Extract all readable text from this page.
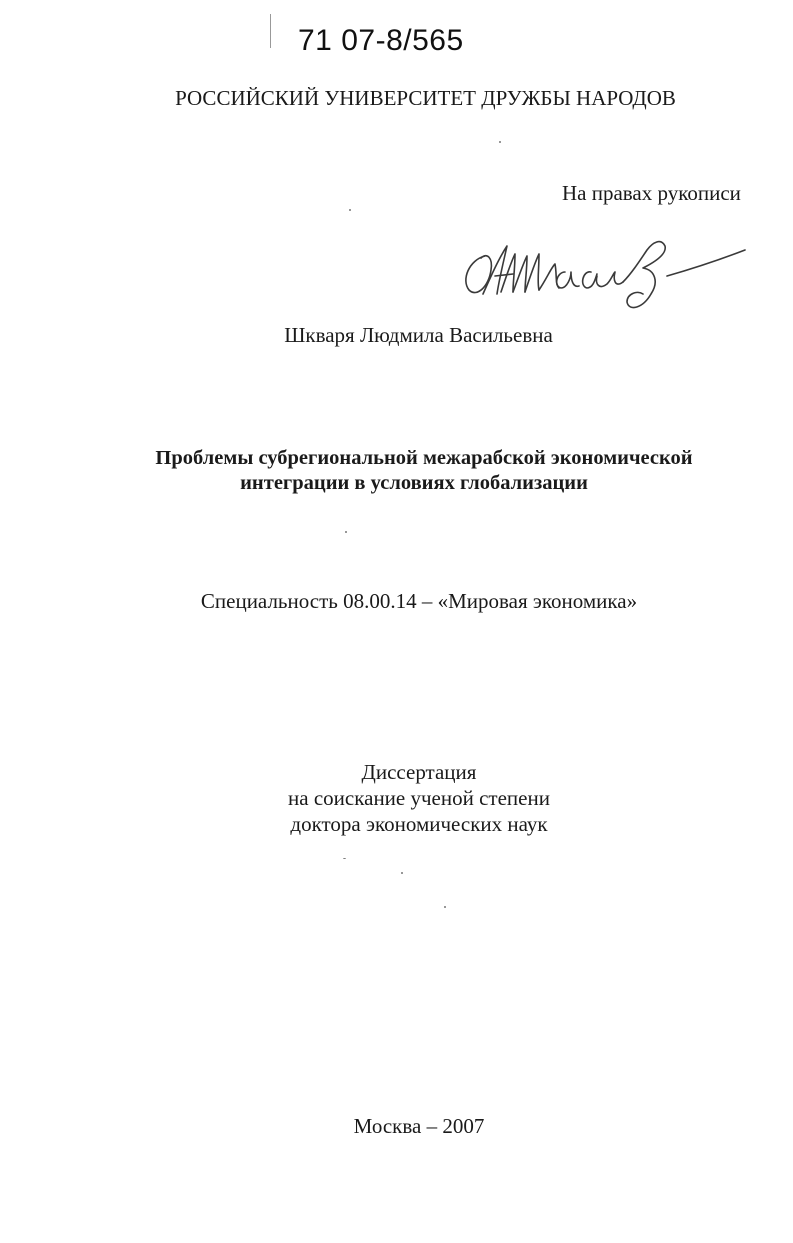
71 07-8/565
РОССИЙСКИЙ УНИВЕРСИТЕТ ДРУЖБЫ НАРОДОВ
На правах рукописи
Шкваря Людмила Васильевна
Проблемы субрегиональной межарабской экономической
интеграции в условиях глобализации
Специальность 08.00.14 – «Мировая экономика»
Диссертация
на соискание ученой степени
доктора экономических наук
Москва – 2007
